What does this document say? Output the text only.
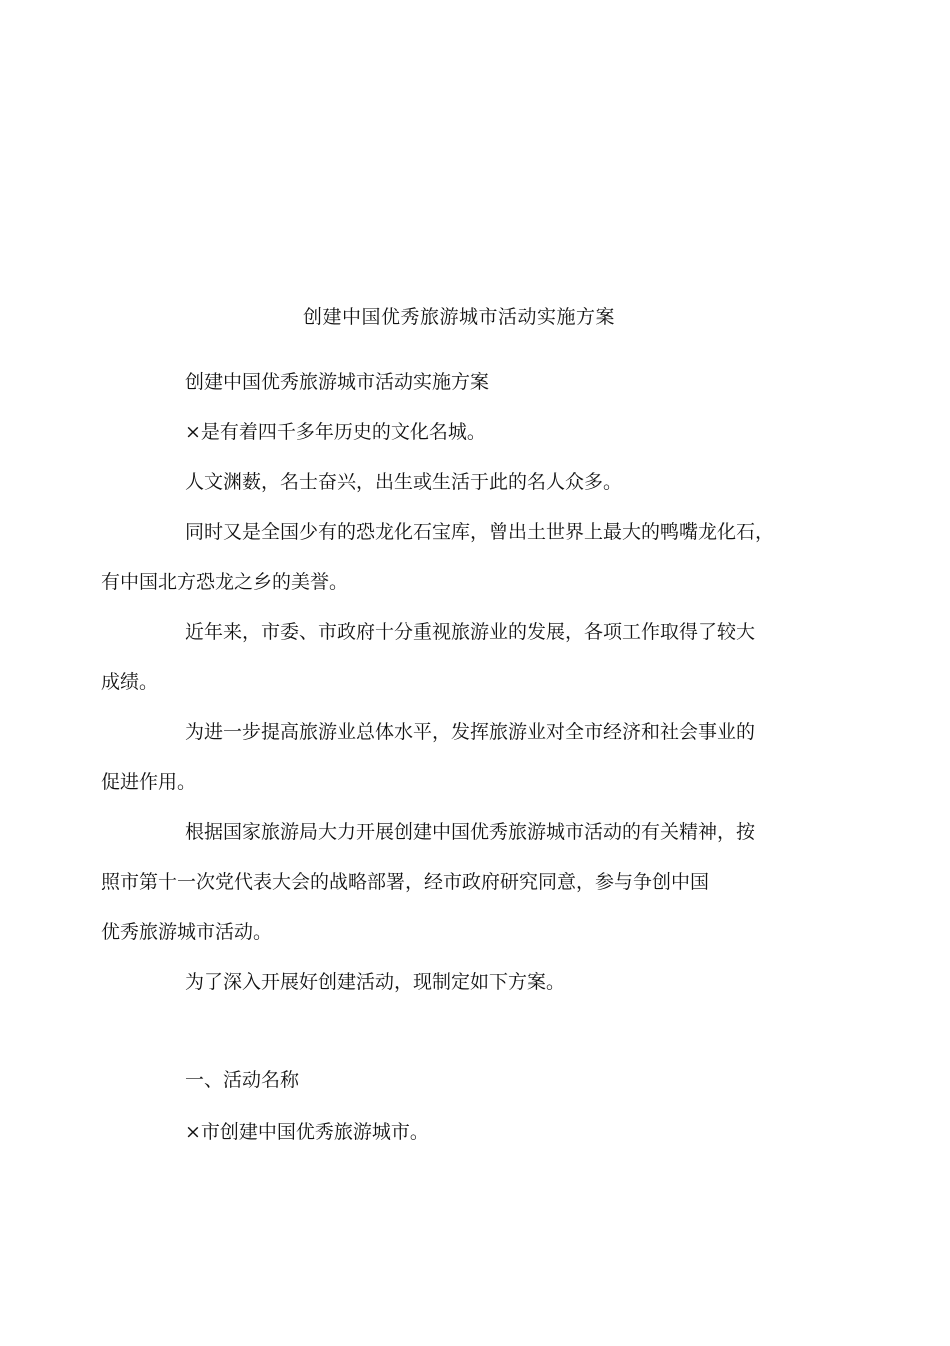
创建中国优秀旅游城市活动实施方案
创建中国优秀旅游城市活动实施方案
×是有着四千多年历史的文化名城。
人文渊薮，名士奋兴，出生或生活于此的名人众多。
同时又是全国少有的恐龙化石宝库，曾出土世界上最大的鸭嘴龙化石，
有中国北方恐龙之乡的美誉。
近年来，市委、市政府十分重视旅游业的发展，各项工作取得了较大
成绩。
为进一步提高旅游业总体水平，发挥旅游业对全市经济和社会事业的
促进作用。
根据国家旅游局大力开展创建中国优秀旅游城市活动的有关精神，按
照市第十一次党代表大会的战略部署，经市政府研究同意，参与争创中国
优秀旅游城市活动。
为了深入开展好创建活动，现制定如下方案。
一、活动名称
×市创建中国优秀旅游城市。
